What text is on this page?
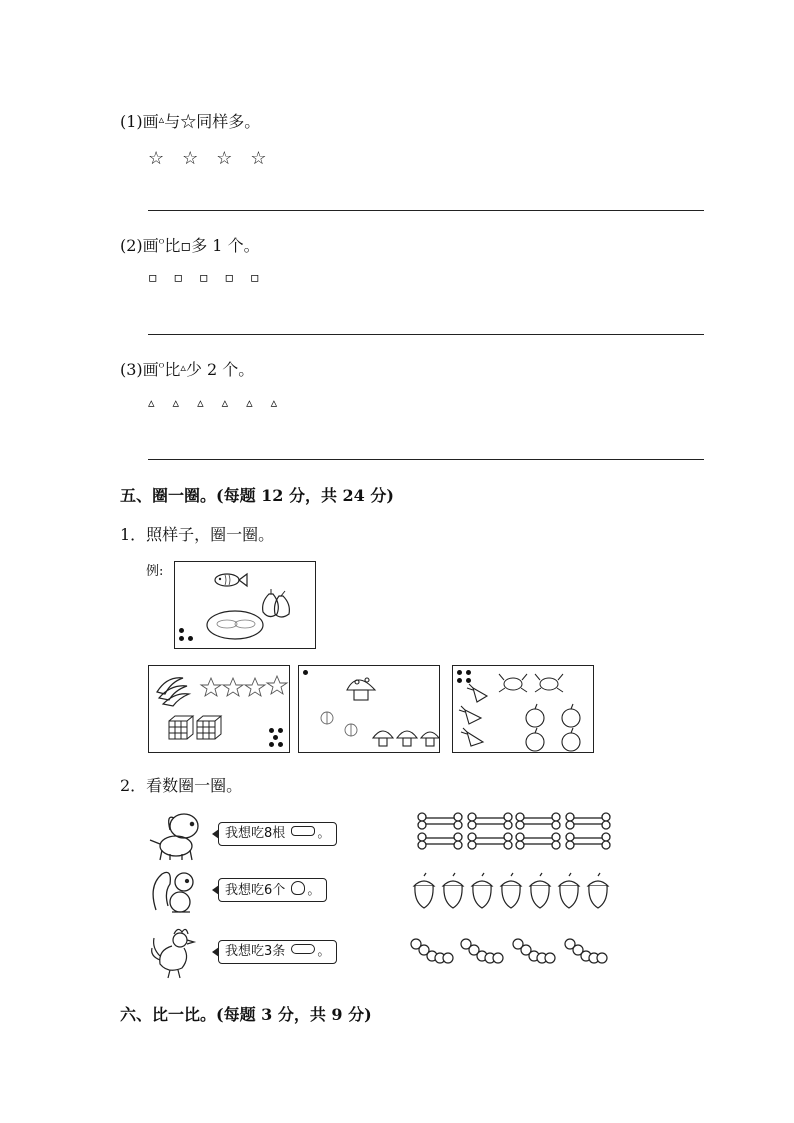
(1)画▵与☆同样多。
☆ ☆ ☆ ☆
(2)画$^ᴼ$比▫多 1 个。
▫ ▫ ▫ ▫ ▫
(3)画$^ᴼ$比▵少 2 个。
▵ ▵ ▵ ▵ ▵ ▵
五、圈一圈。(每题 12 分，共 24 分)
1．照样子，圈一圈。
例:
2．看数圈一圈。
我想吃8根 。
我想吃6个 。
我想吃3条 。
六、比一比。(每题 3 分，共 9 分)
